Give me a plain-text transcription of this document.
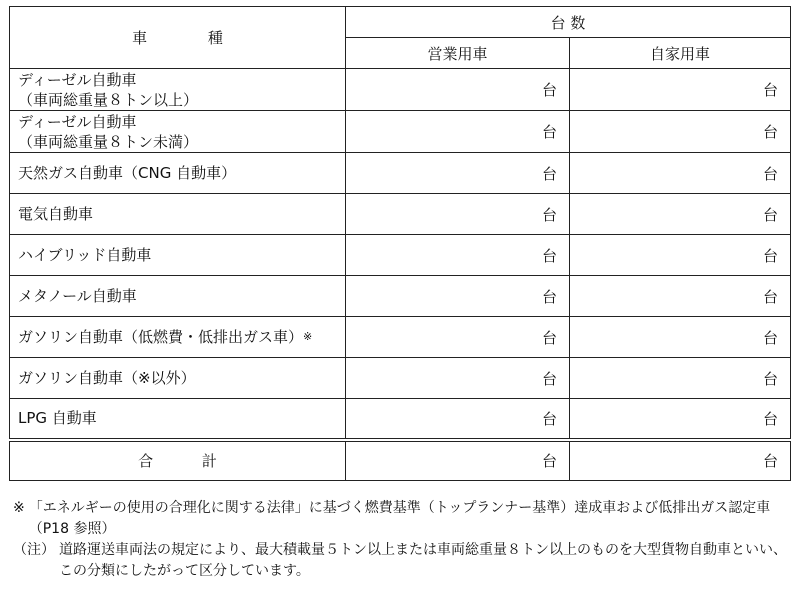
車 種	台 数	
	営業用車	自家用車

ディーゼル自動車
（車両総重量８トン以上）	台	台

ディーゼル自動車
（車両総重量８トン未満）	台	台
天然ガス自動車（CNG 自動車）	台	台
電気自動車	台	台
ハイブリッド自動車	台	台
メタノール自動車	台	台
ガソリン自動車（低燃費・低排出ガス車）※	台	台
ガソリン自動車（※以外）	台	台
LPG 自動車	台	台
合 計	台	台
※ 「エネルギーの使用の合理化に関する法律」に基づく燃費基準（トップランナー基準）達成車および低排出ガス認定車（P18 参照）
（注） 道路運送車両法の規定により、最大積載量５トン以上または車両総重量８トン以上のものを大型貨物自動車といい、この分類にしたがって区分しています。
